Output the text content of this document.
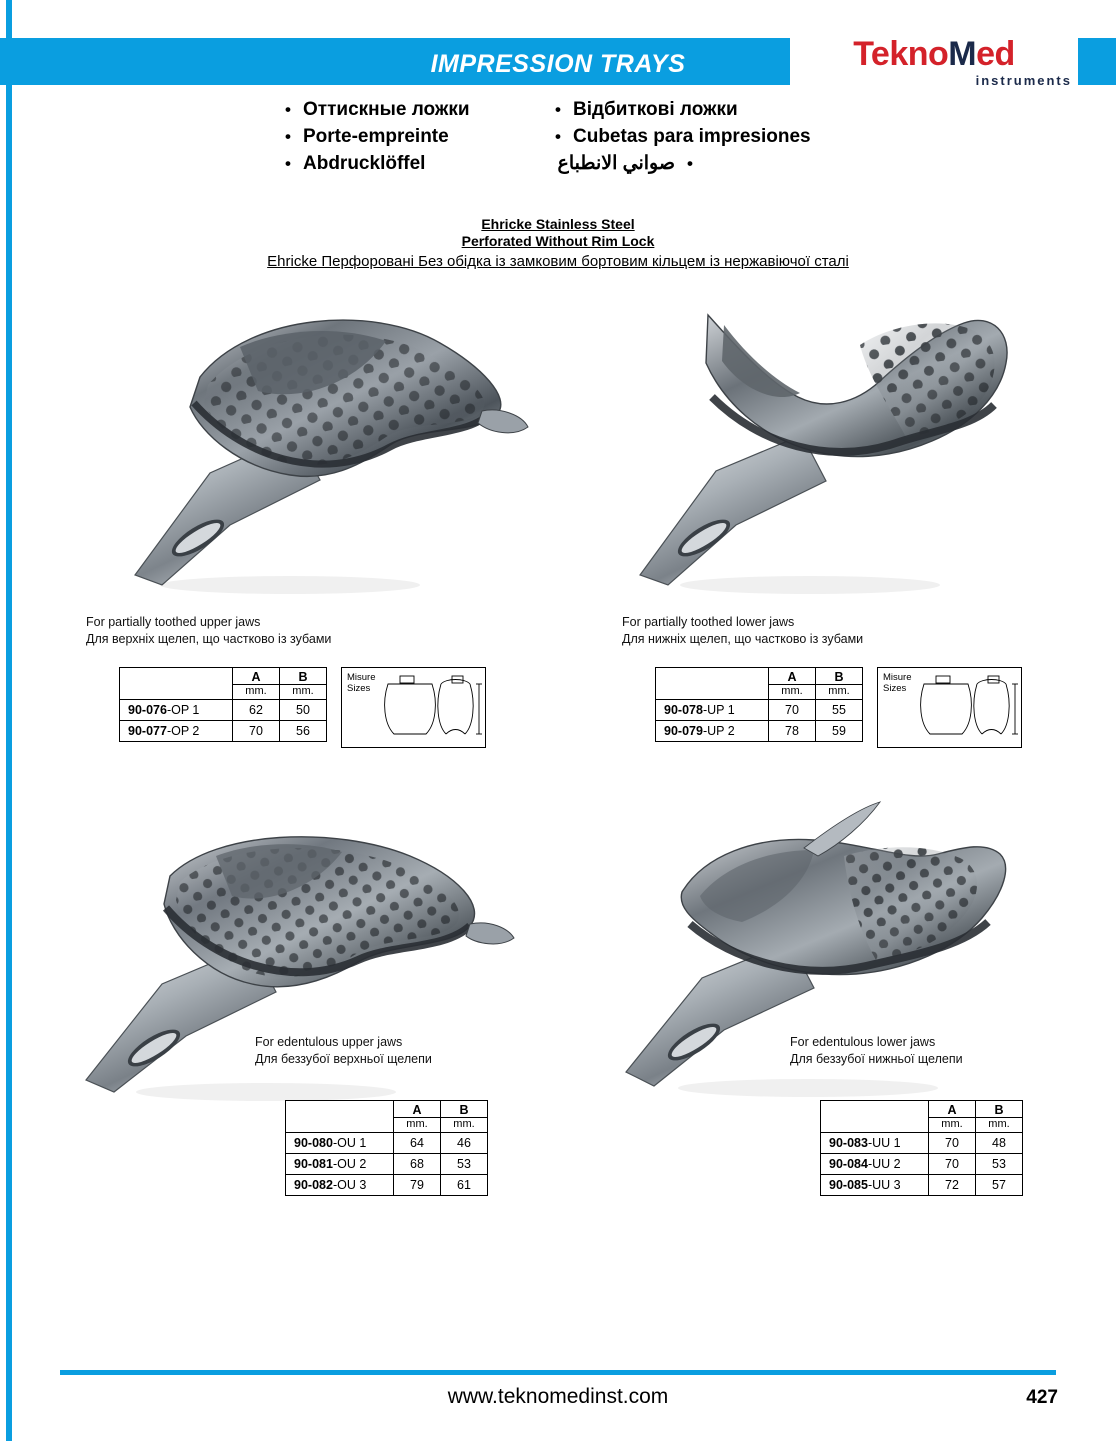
IMPRESSION TRAYS	TeknoMed
instruments
• Оттискные ложки
• Porte-empreinte
• Abdrucklöffel
• Відбиткові ложки
• Cubetas para impresiones
• صواني الانطباع
Ehricke Stainless Steel
Perforated Without Rim Lock
Ehricke Перфоровані Без обідка із замковим бортовим кільцем із нержавіючої сталі
For partially toothed upper jaws
Для верхніх щелеп, що частково із зубами
	A	B
	mm.	mm.
90-076-OP 1	62	50
90-077-OP 2	70	56
Misure
Sizes
For partially toothed lower jaws
Для нижніх щелеп, що частково із зубами
	A	B
	mm.	mm.
90-078-UP 1	70	55
90-079-UP 2	78	59
Misure
Sizes
For edentulous upper jaws
Для беззубої верхньої щелепи
	A	B
	mm.	mm.
90-080-OU 1	64	46
90-081-OU 2	68	53
90-082-OU 3	79	61
For edentulous lower jaws
Для беззубої нижньої щелепи
	A	B
	mm.	mm.
90-083-UU 1	70	48
90-084-UU 2	70	53
90-085-UU 3	72	57
www.teknomedinst.com	427
